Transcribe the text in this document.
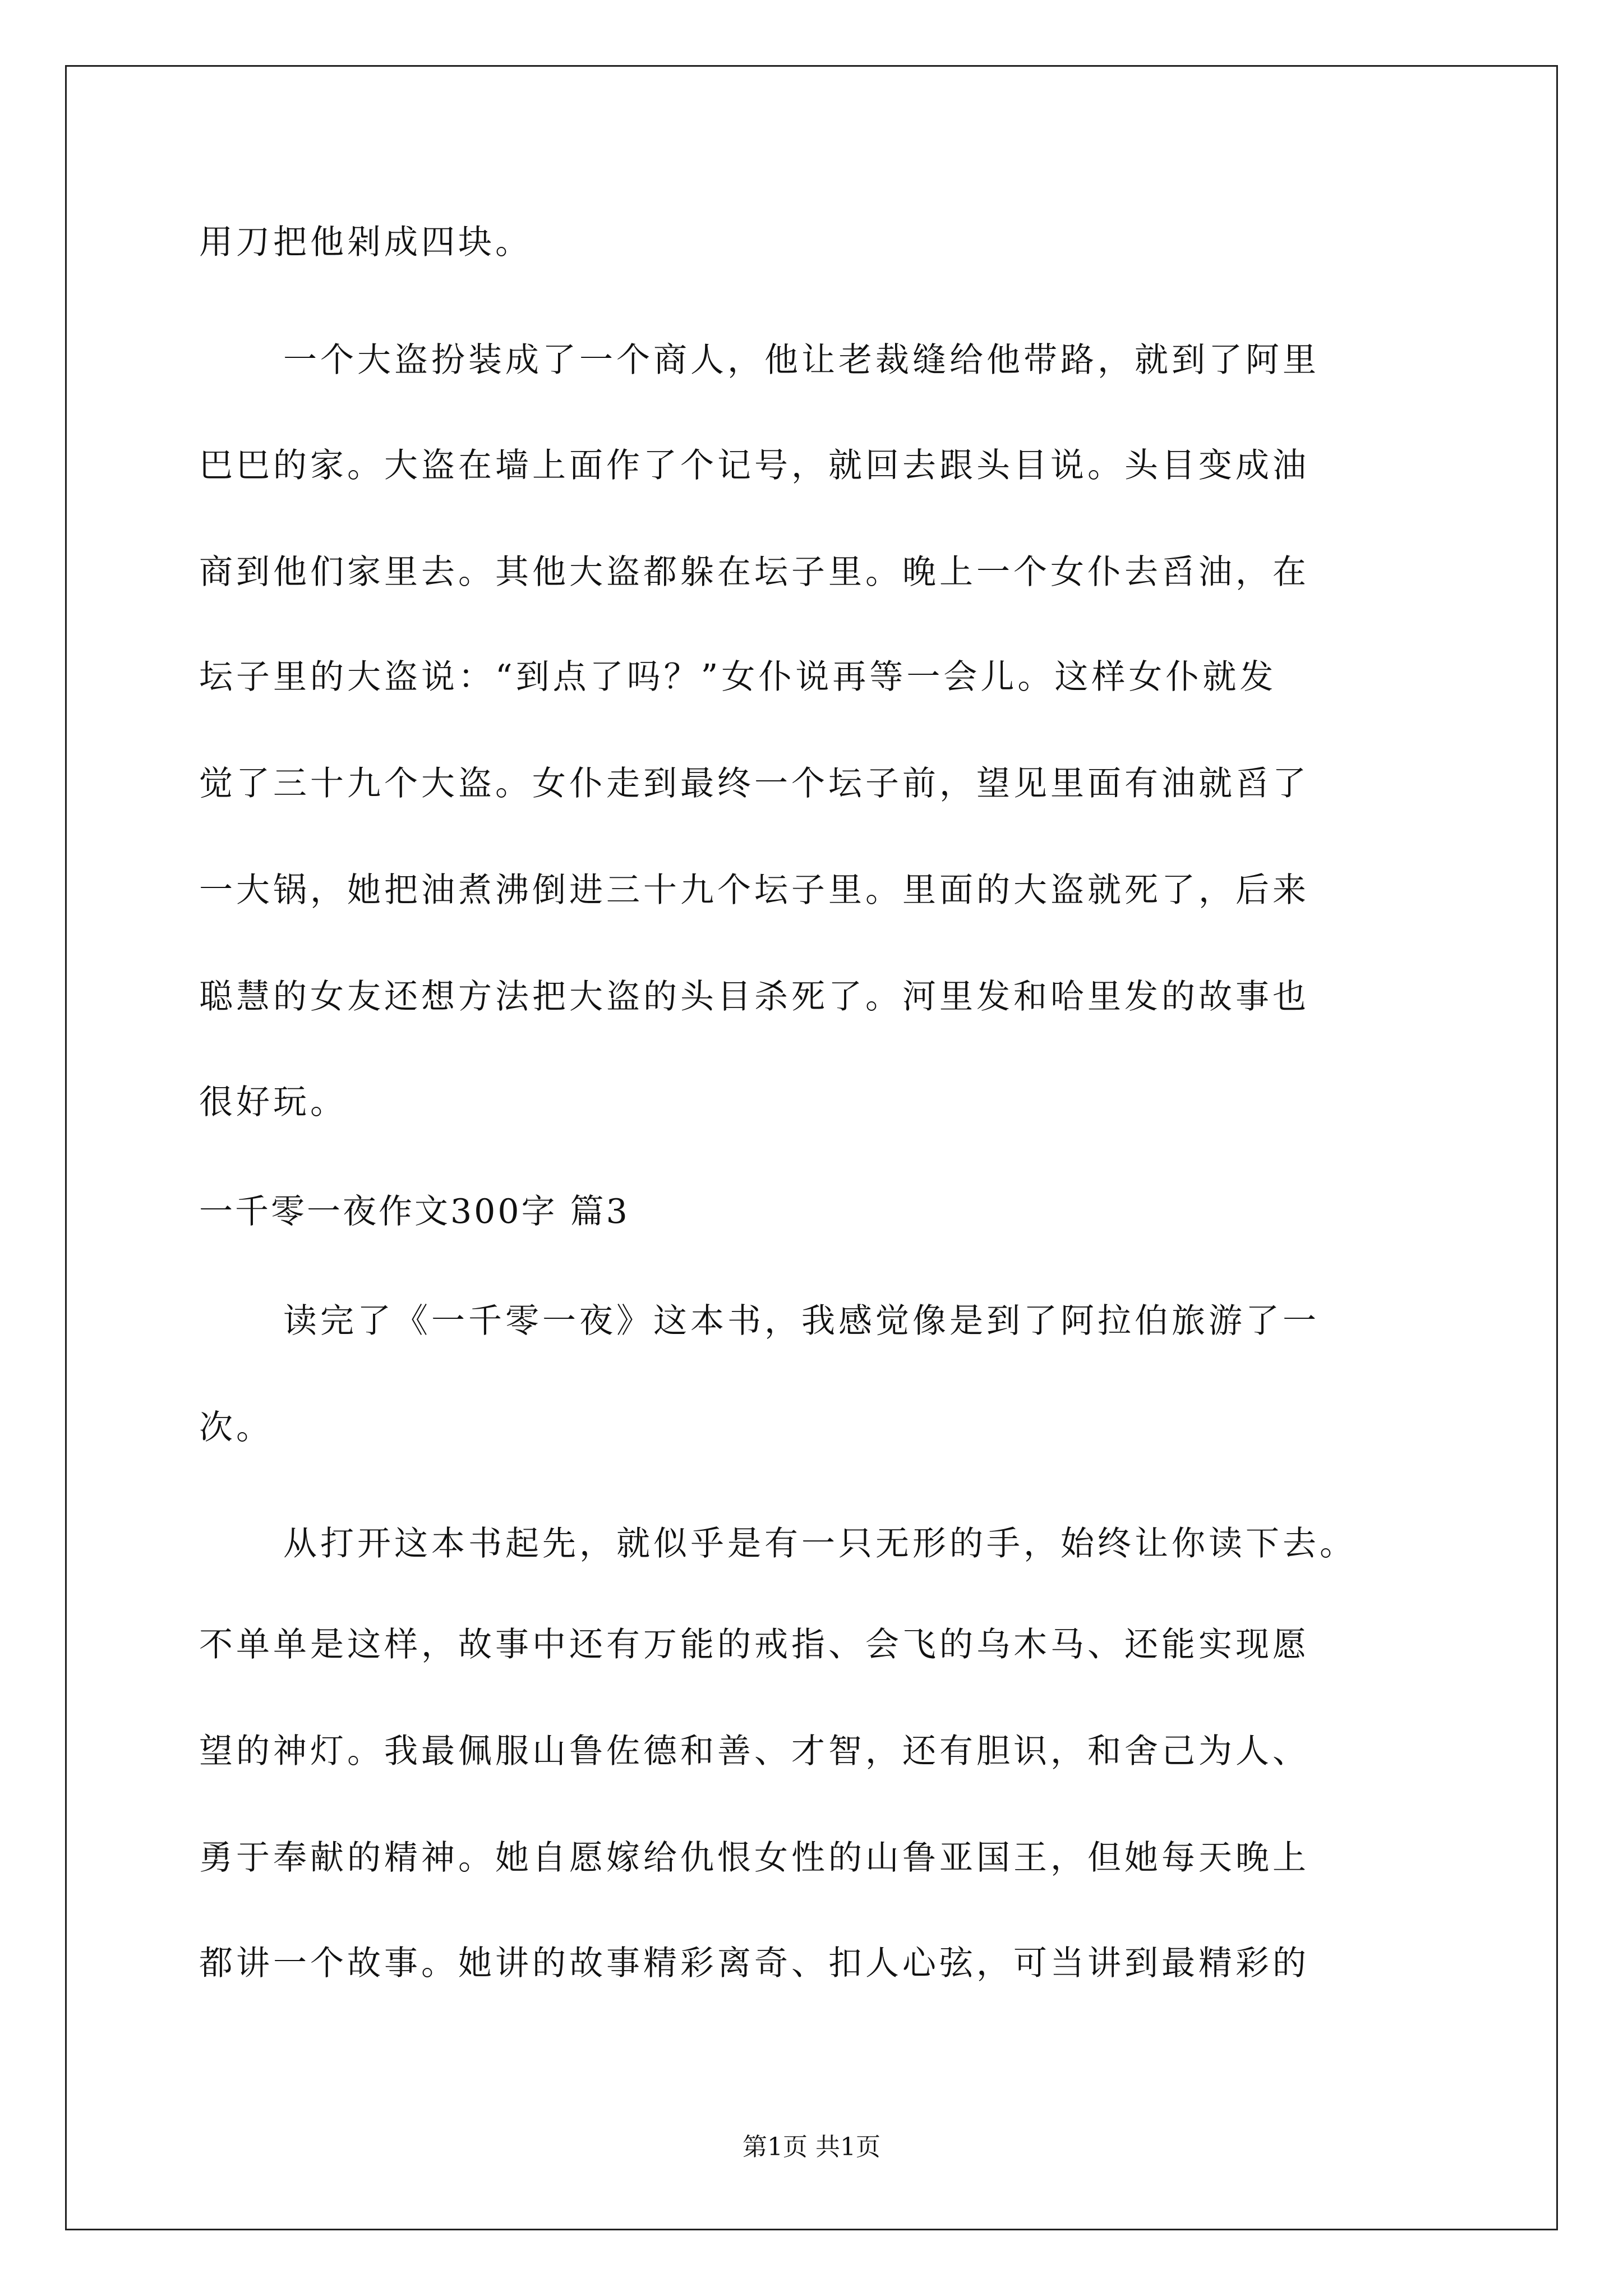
用刀把他剁成四块。
一个大盗扮装成了一个商人，他让老裁缝给他带路，就到了阿里
巴巴的家。大盗在墙上面作了个记号，就回去跟头目说。头目变成油
商到他们家里去。其他大盗都躲在坛子里。晚上一个女仆去舀油，在
坛子里的大盗说：“到点了吗？”女仆说再等一会儿。这样女仆就发
觉了三十九个大盗。女仆走到最终一个坛子前，望见里面有油就舀了
一大锅，她把油煮沸倒进三十九个坛子里。里面的大盗就死了，后来
聪慧的女友还想方法把大盗的头目杀死了。河里发和哈里发的故事也
很好玩。
一千零一夜作文300字 篇3
读完了《一千零一夜》这本书，我感觉像是到了阿拉伯旅游了一
次。
从打开这本书起先，就似乎是有一只无形的手，始终让你读下去。
不单单是这样，故事中还有万能的戒指、会飞的乌木马、还能实现愿
望的神灯。我最佩服山鲁佐德和善、才智，还有胆识，和舍己为人、
勇于奉献的精神。她自愿嫁给仇恨女性的山鲁亚国王，但她每天晚上
都讲一个故事。她讲的故事精彩离奇、扣人心弦，可当讲到最精彩的
第1页 共1页
